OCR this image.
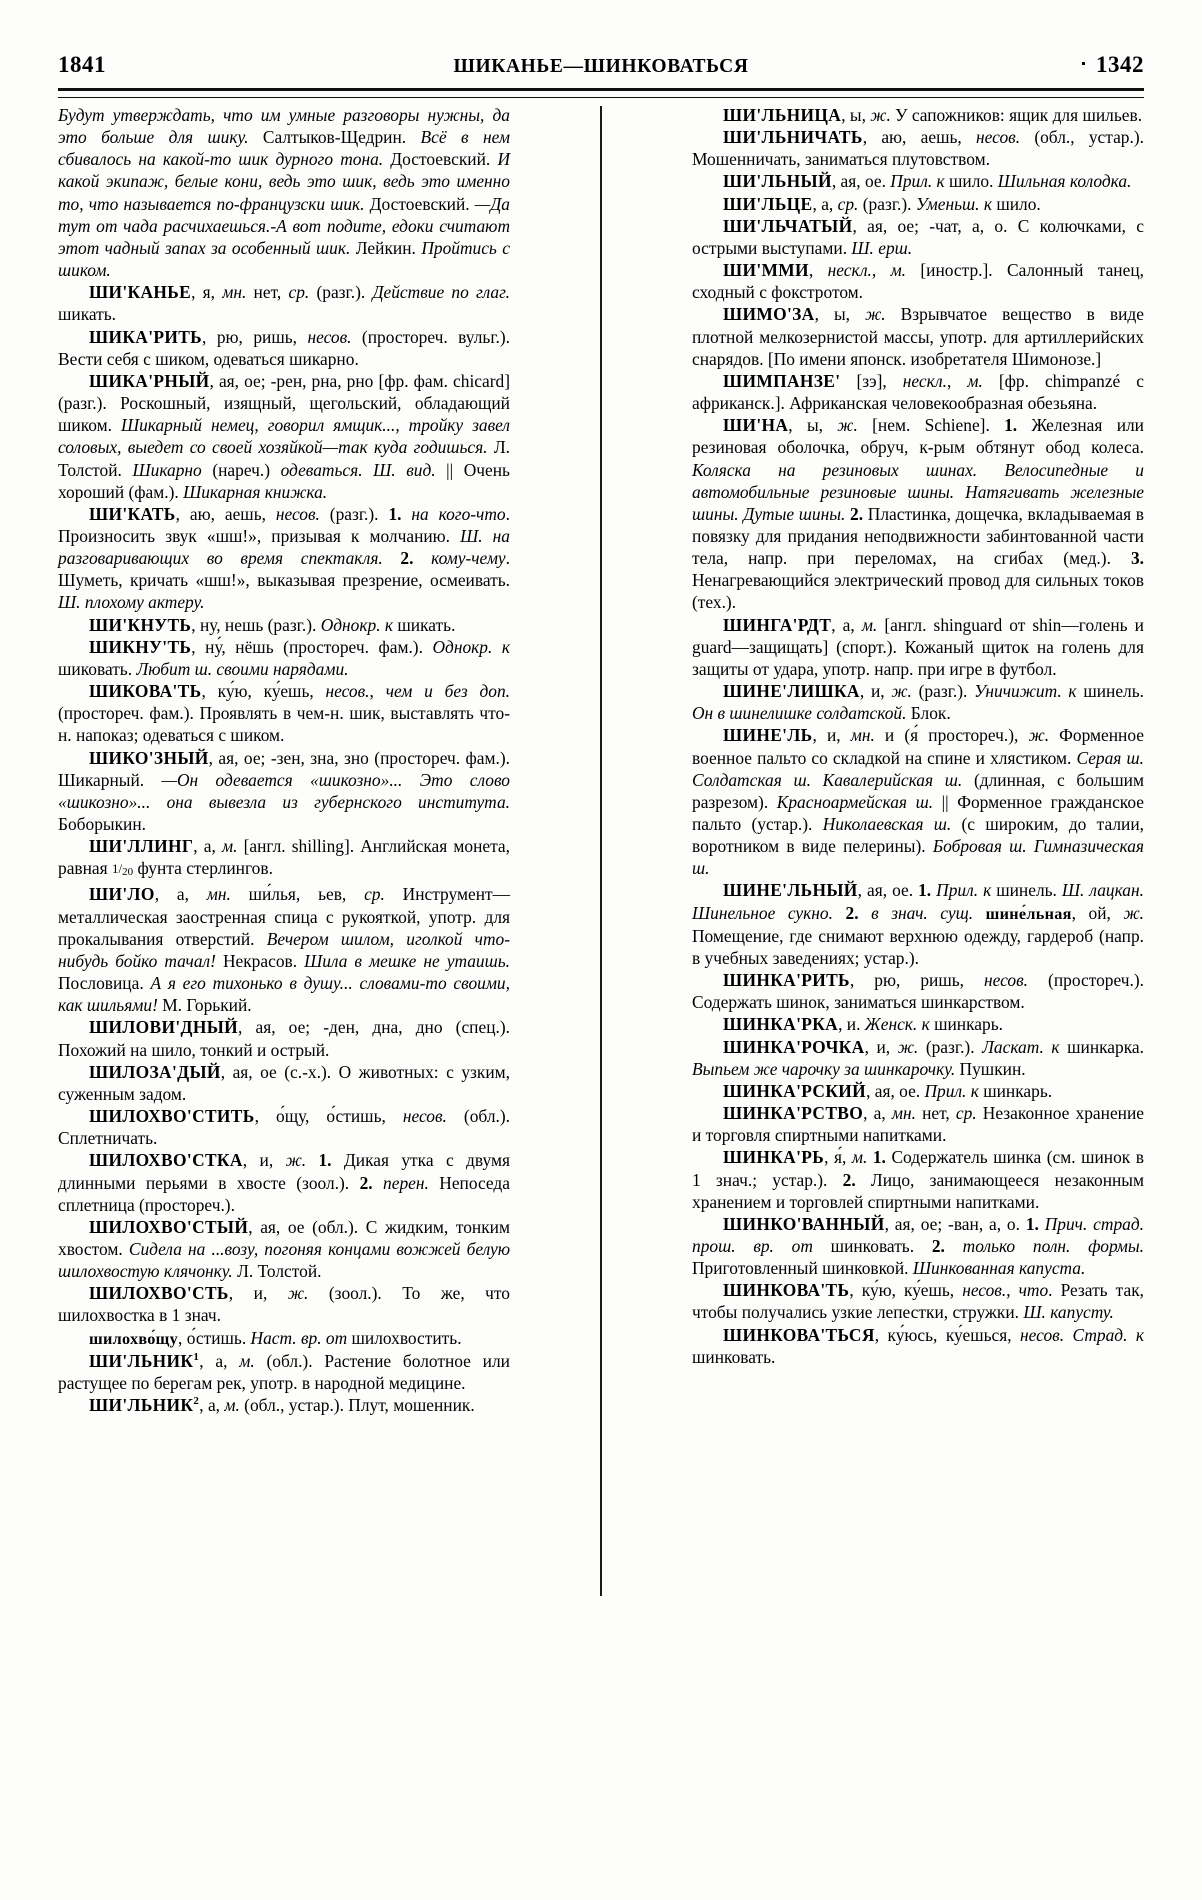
1841	ШИКАНЬЕ—ШИНКОВАТЬСЯ	1342

Будут утверждать, что им умные разговоры нужны, да это больше для шику. Салтыков-Щедрин. Всё в нем сбивалось на какой-то шик дурного тона. Достоевский. И какой экипаж, белые кони, ведь это шик, ведь это именно то, что называется по-французски шик. Достоевский. —Да тут от чада расчихаешься.-А вот подите, едоки считают этот чадный запах за особенный шик. Лейкин. Пройтись с шиком.

ШИ'КАНЬЕ, я, мн. нет, ср. (разг.). Действие по глаг. шикать.

ШИКА'РИТЬ, рю, ришь, несов. (простореч. вульг.). Вести себя с шиком, одеваться шикарно.

ШИКА'РНЫЙ, ая, ое; -рен, рна, рно [фр. фам. chicard] (разг.). Роскошный, изящный, щегольский, обладающий шиком. Шикарный немец, говорил ямщик..., тройку завел соловых, выедет со своей хозяйкой—так куда годишься. Л. Толстой. Шикарно (нареч.) одеваться. Ш. вид. || Очень хороший (фам.). Шикарная книжка.

ШИ'КАТЬ, аю, аешь, несов. (разг.). 1. на кого-что. Произносить звук «шш!», призывая к молчанию. Ш. на разговаривающих во время спектакля. 2. кому-чему. Шуметь, кричать «шш!», выказывая презрение, осмеивать. Ш. плохому актеру.

ШИ'КНУТЬ, ну, нешь (разг.). Однокр. к шикать.

ШИКНУ'ТЬ, ну́, нёшь (простореч. фам.). Однокр. к шиковать. Любит ш. своими нарядами.

ШИКОВА'ТЬ, ку́ю, ку́ешь, несов., чем и без доп. (простореч. фам.). Проявлять в чем-н. шик, выставлять что-н. напоказ; одеваться с шиком.

ШИКО'ЗНЫЙ, ая, ое; -зен, зна, зно (простореч. фам.). Шикарный. —Он одевается «шикозно»... Это слово «шикозно»... она вывезла из губернского института. Боборыкин.

ШИ'ЛЛИНГ, а, м. [англ. shilling]. Английская монета, равная $1/_{20}$ фунта стерлингов.

ШИ'ЛО, а, мн. ши́лья, ьев, ср. Инструмент—металлическая заостренная спица с рукояткой, употр. для прокалывания отверстий. Вечером шилом, иголкой что-нибудь бойко тачал! Некрасов. Шила в мешке не утаишь. Пословица. А я его тихонько в душу... словами-то своими, как шильями! М. Горький.

ШИЛОВИ'ДНЫЙ, ая, ое; -ден, дна, дно (спец.). Похожий на шило, тонкий и острый.

ШИЛОЗА'ДЫЙ, ая, ое (с.-х.). О животных: с узким, суженным задом.

ШИЛОХВО'СТИТЬ, о́щу, о́стишь, несов. (обл.). Сплетничать.

ШИЛОХВО'СТКА, и, ж. 1. Дикая утка с двумя длинными перьями в хвосте (зоол.). 2. перен. Непоседа сплетница (простореч.).

ШИЛОХВО'СТЫЙ, ая, ое (обл.). С жидким, тонким хвостом. Сидела на ...возу, погоняя концами вожжей белую шилохвостую клячонку. Л. Толстой.

ШИЛОХВО'СТЬ, и, ж. (зоол.). То же, что шилохвостка в 1 знач.

шилохво́щу, о́стишь. Наст. вр. от шилохвостить.

ШИ'ЛЬНИК$^1$, а, м. (обл.). Растение болотное или растущее по берегам рек, употр. в народной медицине.

ШИ'ЛЬНИК$^2$, а, м. (обл., устар.). Плут, мошенник.

ШИ'ЛЬНИЦА, ы, ж. У сапожников: ящик для шильев.

ШИ'ЛЬНИЧАТЬ, аю, аешь, несов. (обл., устар.). Мошенничать, заниматься плутовством.

ШИ'ЛЬНЫЙ, ая, ое. Прил. к шило. Шильная колодка.

ШИ'ЛЬЦЕ, а, ср. (разг.). Уменьш. к шило.

ШИ'ЛЬЧАТЫЙ, ая, ое; -чат, а, о. С колючками, с острыми выступами. Ш. ерш.

ШИ'ММИ, нескл., м. [иностр.]. Салонный танец, сходный с фокстротом.

ШИМО'ЗА, ы, ж. Взрывчатое вещество в виде плотной мелкозернистой массы, употр. для артиллерийских снарядов. [По имени японск. изобретателя Шимонозе.]

ШИМПАНЗЕ' [зэ], нескл., м. [фр. chimpanzé с африканск.]. Африканская человекообразная обезьяна.

ШИ'НА, ы, ж. [нем. Schiene]. 1. Железная или резиновая оболочка, обруч, к-рым обтянут обод колеса. Коляска на резиновых шинах. Велосипедные и автомобильные резиновые шины. Натягивать железные шины. Дутые шины. 2. Пластинка, дощечка, вкладываемая в повязку для придания неподвижности забинтованной части тела, напр. при переломах, на сгибах (мед.). 3. Ненагревающийся электрический провод для сильных токов (тех.).

ШИНГА'РДТ, а, м. [англ. shinguard от shin—голень и guard—защищать] (спорт.). Кожаный щиток на голень для защиты от удара, употр. напр. при игре в футбол.

ШИНЕ'ЛИШКА, и, ж. (разг.). Уничижит. к шинель. Он в шинелишке солдатской. Блок.

ШИНЕ'ЛЬ, и, мн. и (я́ простореч.), ж. Форменное военное пальто со складкой на спине и хлястиком. Серая ш. Солдатская ш. Кавалерийская ш. (длинная, с большим разрезом). Красноармейская ш. || Форменное гражданское пальто (устар.). Николаевская ш. (с широким, до талии, воротником в виде пелерины). Бобровая ш. Гимназическая ш.

ШИНЕ'ЛЬНЫЙ, ая, ое. 1. Прил. к шинель. Ш. лацкан. Шинельное сукно. 2. в знач. сущ. шине́льная, ой, ж. Помещение, где снимают верхнюю одежду, гардероб (напр. в учебных заведениях; устар.).

ШИНКА'РИТЬ, рю, ришь, несов. (простореч.). Содержать шинок, заниматься шинкарством.

ШИНКА'РКА, и. Женск. к шинкарь.

ШИНКА'РОЧКА, и, ж. (разг.). Ласкат. к шинкарка. Выпьем же чарочку за шинкарочку. Пушкин.

ШИНКА'РСКИЙ, ая, ое. Прил. к шинкарь.

ШИНКА'РСТВО, а, мн. нет, ср. Незаконное хранение и торговля спиртными напитками.

ШИНКА'РЬ, я́, м. 1. Содержатель шинка (см. шинок в 1 знач.; устар.). 2. Лицо, занимающееся незаконным хранением и торговлей спиртными напитками.

ШИНКО'ВАННЫЙ, ая, ое; -ван, а, о. 1. Прич. страд. прош. вр. от шинковать. 2. только полн. формы. Приготовленный шинковкой. Шинкованная капуста.

ШИНКОВА'ТЬ, ку́ю, ку́ешь, несов., что. Резать так, чтобы получались узкие лепестки, стружки. Ш. капусту.

ШИНКОВА'ТЬСЯ, ку́юсь, ку́ешься, несов. Страд. к шинковать.
